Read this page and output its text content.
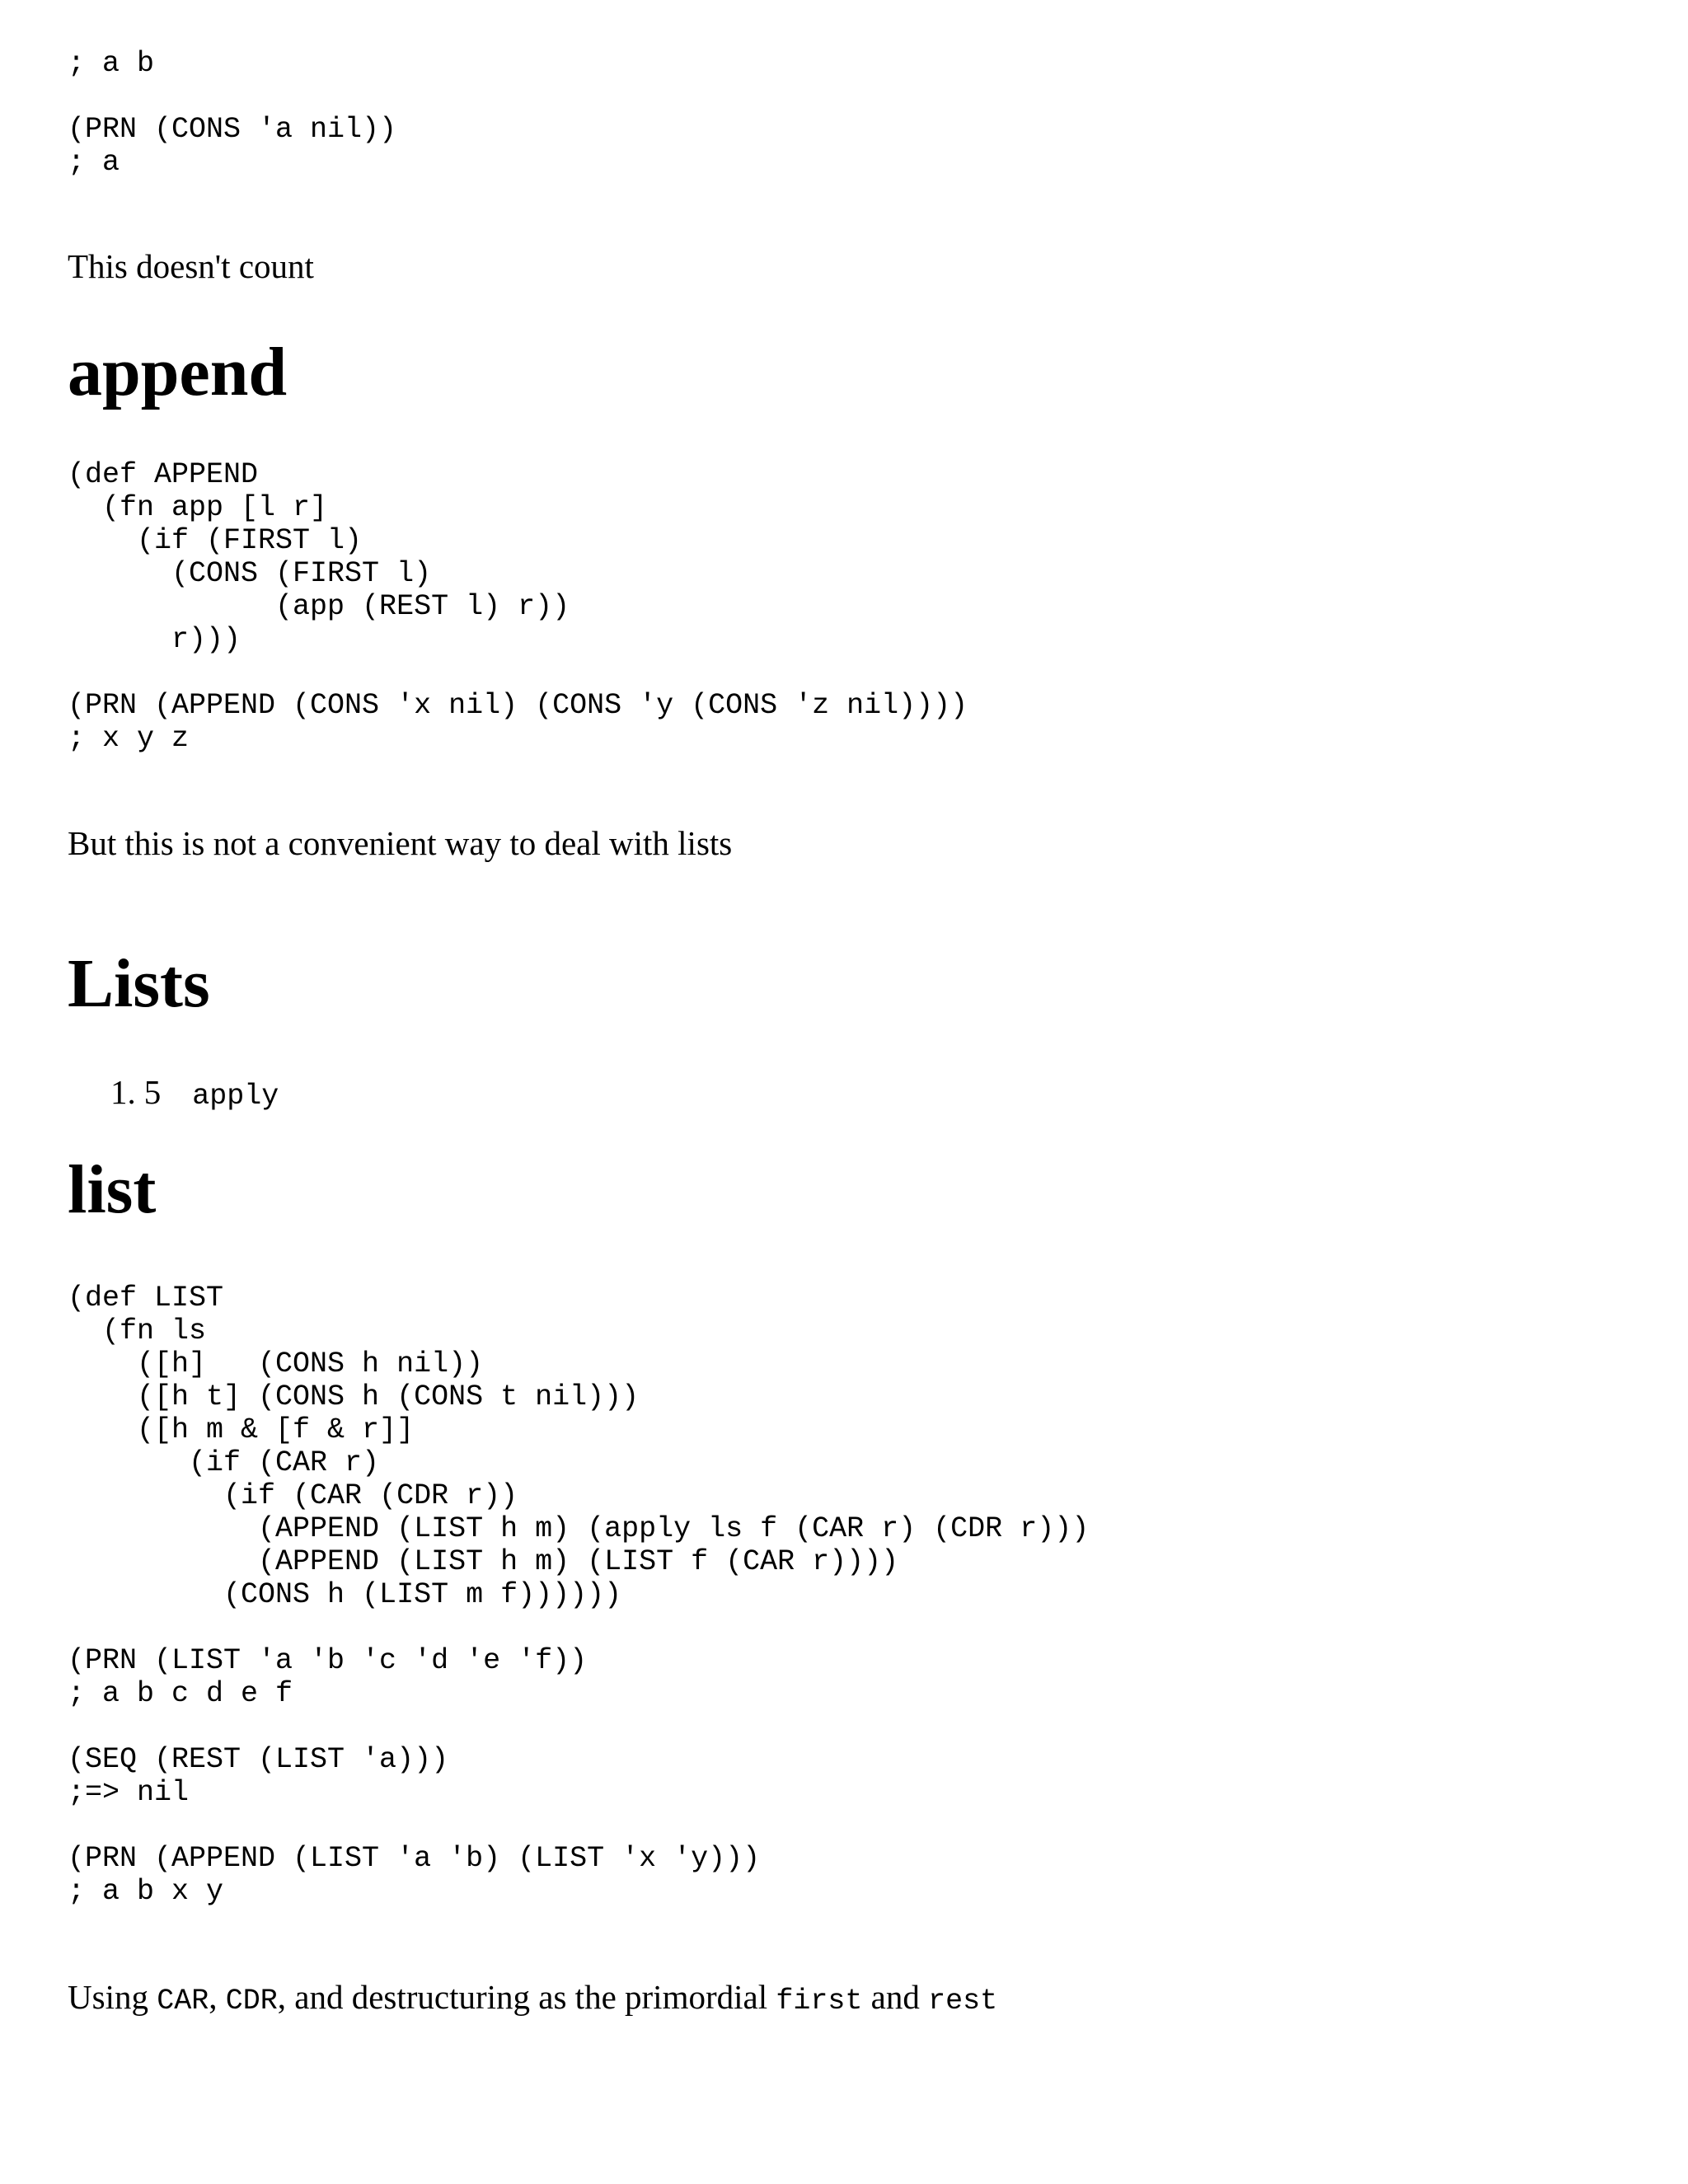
; a b

(PRN (CONS 'a nil))
; a

This doesn't count

append
(def APPEND
(fn app [l r]
(if (FIRST l)
(CONS (FIRST l)
(app (REST l) r))
r)))

(PRN (APPEND (CONS 'x nil) (CONS 'y (CONS 'z nil))))
; x y z

But this is not a convenient way to deal with lists

Lists
1. 5 apply
list
(def LIST
(fn ls
([h]   (CONS h nil))
([h t] (CONS h (CONS t nil)))
([h m & [f & r]]
(if (CAR r)
(if (CAR (CDR r))
(APPEND (LIST h m) (apply ls f (CAR r) (CDR r)))
(APPEND (LIST h m) (LIST f (CAR r))))
(CONS h (LIST m f))))))

(PRN (LIST 'a 'b 'c 'd 'e 'f))
; a b c d e f

(SEQ (REST (LIST 'a)))
;=> nil

(PRN (APPEND (LIST 'a 'b) (LIST 'x 'y)))
; a b x y

Using CAR, CDR, and destructuring as the primordial first and rest
